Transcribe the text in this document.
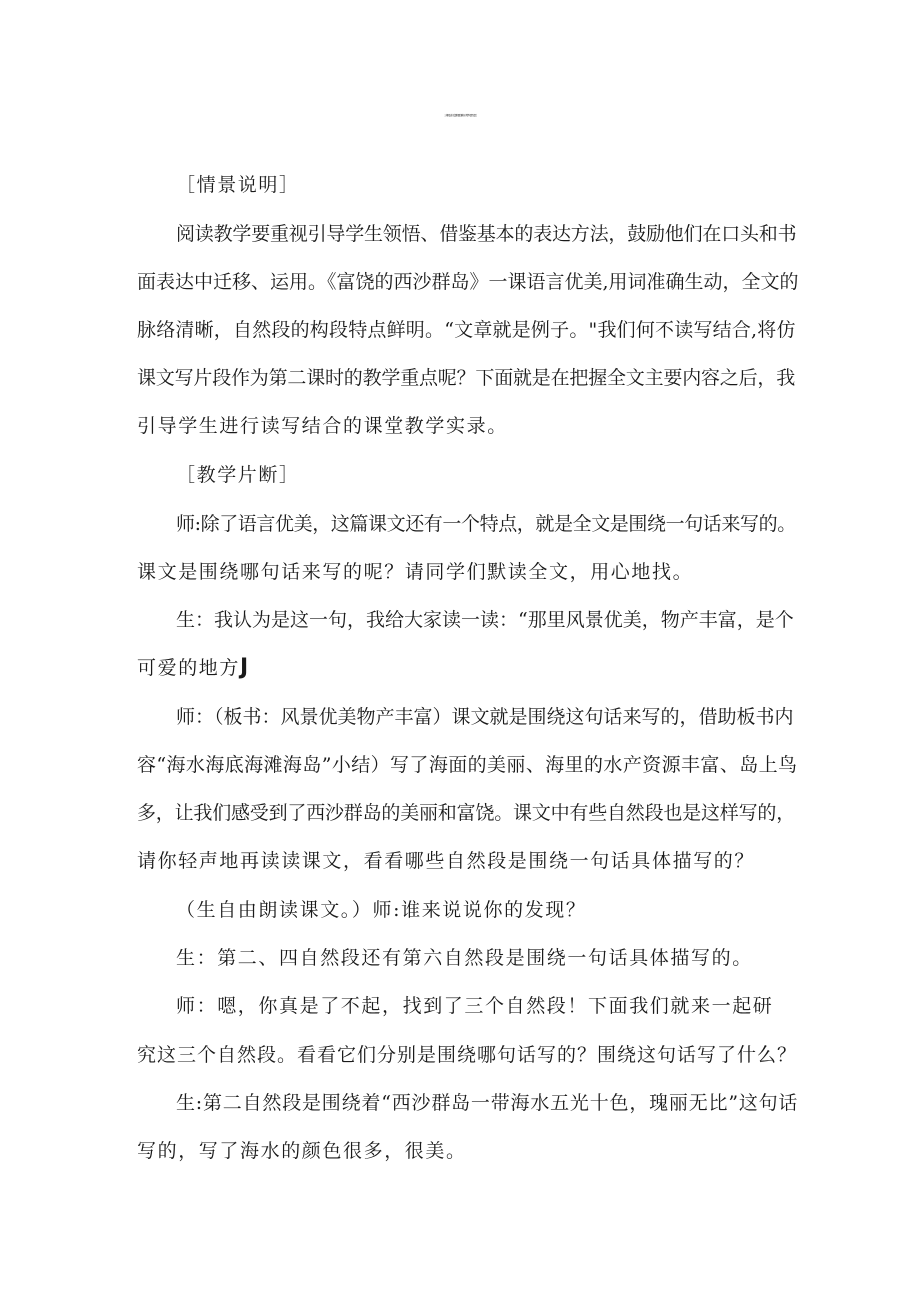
三年级上册《富饶的西沙群岛》教学实录及反思
［情景说明］
阅读教学要重视引导学生领悟、借鉴基本的表达方法，鼓励他们在口头和书
面表达中迁移、运用。《富饶的西沙群岛》一课语言优美,用词准确生动，全文的
脉络清晰，自然段的构段特点鲜明。“文章就是例子。"我们何不读写结合,将仿
课文写片段作为第二课时的教学重点呢？下面就是在把握全文主要内容之后，我
引导学生进行读写结合的课堂教学实录。
［教学片断］
师:除了语言优美，这篇课文还有一个特点，就是全文是围绕一句话来写的。
课文是围绕哪句话来写的呢？请同学们默读全文，用心地找。
生：我认为是这一句，我给大家读一读：“那里风景优美，物产丰富，是个
可爱的地方J
师：（板书：风景优美物产丰富）课文就是围绕这句话来写的，借助板书内
容“海水海底海滩海岛”小结）写了海面的美丽、海里的水产资源丰富、岛上鸟
多，让我们感受到了西沙群岛的美丽和富饶。课文中有些自然段也是这样写的，
请你轻声地再读读课文，看看哪些自然段是围绕一句话具体描写的？
（生自由朗读课文。）师:谁来说说你的发现？
生：第二、四自然段还有第六自然段是围绕一句话具体描写的。
师：嗯，你真是了不起，找到了三个自然段！下面我们就来一起研
究这三个自然段。看看它们分别是围绕哪句话写的？围绕这句话写了什么？
生:第二自然段是围绕着“西沙群岛一带海水五光十色，瑰丽无比”这句话
写的，写了海水的颜色很多，很美。
